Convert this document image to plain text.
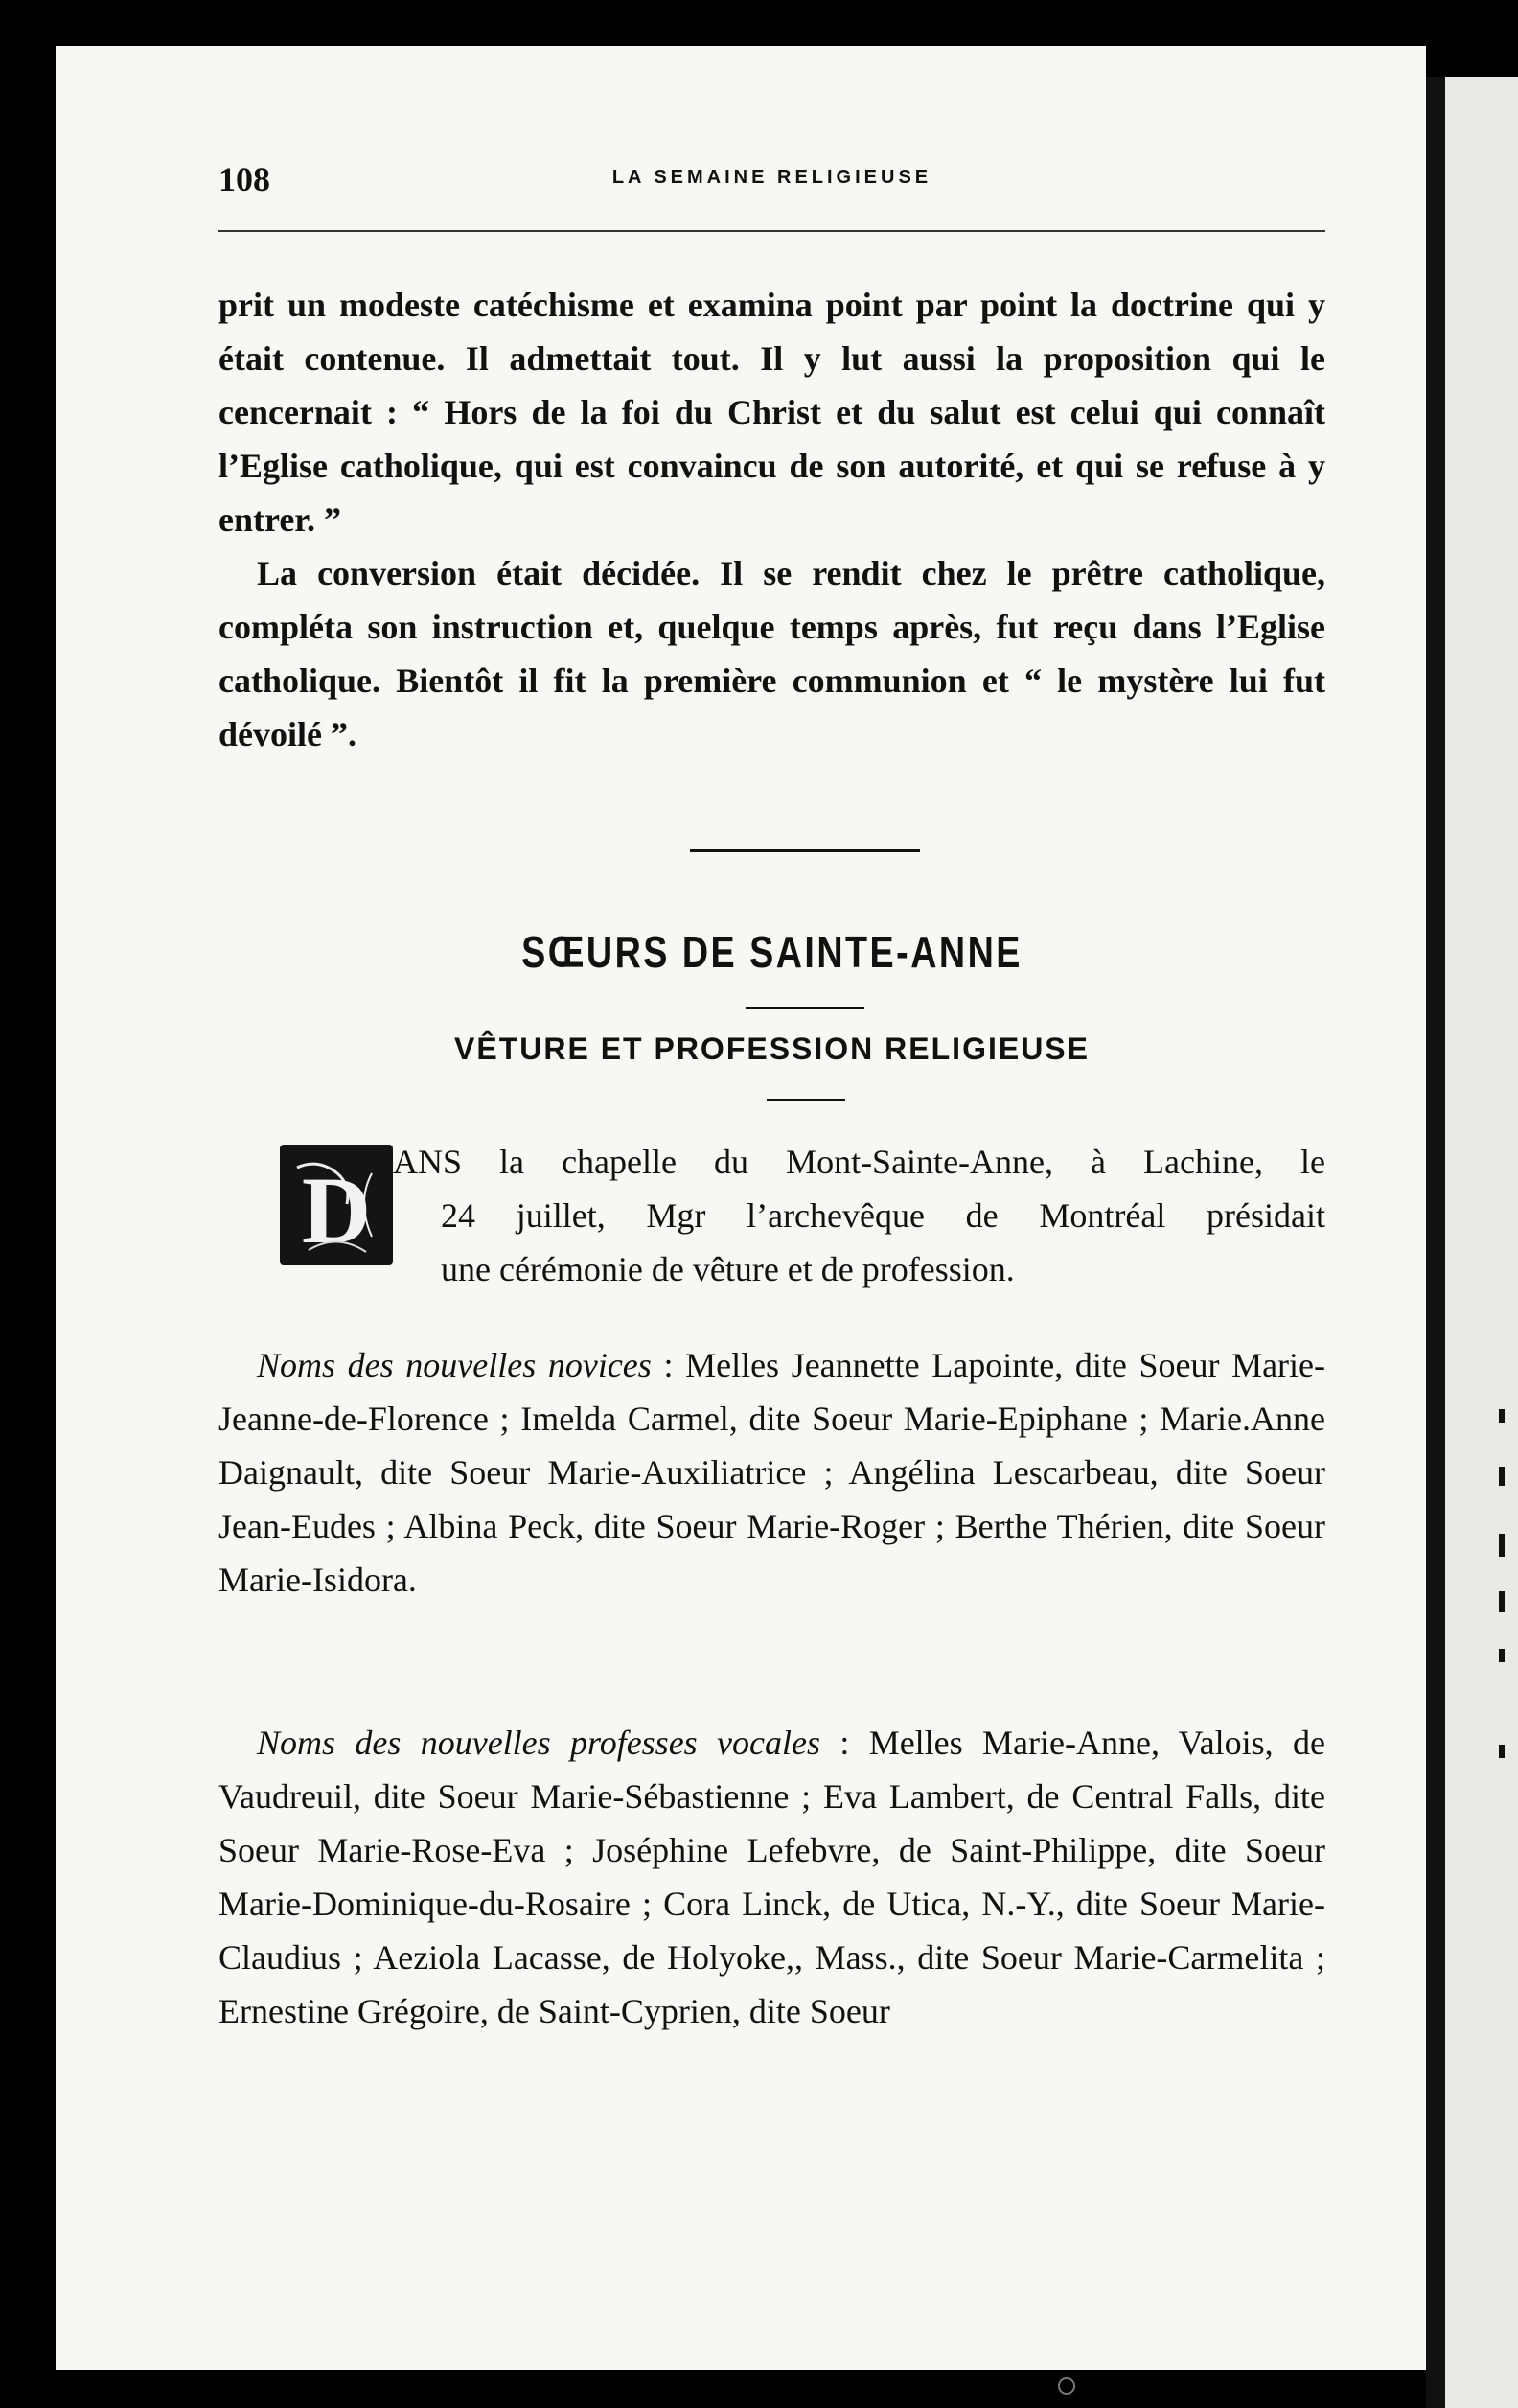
108	LA SEMAINE RELIGIEUSE

prit un modeste catéchisme et examina point par point la doctrine qui y était contenue. Il admettait tout. Il y lut aussi la proposition qui le cencernait : “ Hors de la foi du Christ et du salut est celui qui connaît l’Eglise catholique, qui est convaincu de son autorité, et qui se refuse à y entrer. ”

La conversion était décidée. Il se rendit chez le prêtre catholique, compléta son instruction et, quelque temps après, fut reçu dans l’Eglise catholique. Bientôt il fit la première communion et “ le mystère lui fut dévoilé ”.

SŒURS DE SAINTE-ANNE
VÊTURE ET PROFESSION RELIGIEUSE
D ANS la chapelle du Mont-Sainte-Anne, à Lachine, le
24 juillet, Mgr l’archevêque de Montréal présidait
une cérémonie de vêture et de profession.

Noms des nouvelles novices : Melles Jeannette Lapointe, dite Soeur Marie-Jeanne-de-Florence ; Imelda Carmel, dite Soeur Marie-Epiphane ; Marie.Anne Daignault, dite Soeur Marie-Auxiliatrice ; Angélina Lescarbeau, dite Soeur Jean-Eudes ; Albina Peck, dite Soeur Marie-Roger ; Berthe Thérien, dite Soeur Marie-Isidora.

Noms des nouvelles professes vocales : Melles Marie-Anne, Valois, de Vaudreuil, dite Soeur Marie-Sébastienne ; Eva Lambert, de Central Falls, dite Soeur Marie-Rose-Eva ; Joséphine Lefebvre, de Saint-Philippe, dite Soeur Marie-Dominique-du-Rosaire ; Cora Linck, de Utica, N.-Y., dite Soeur Marie-Claudius ; Aeziola Lacasse, de Holyoke,, Mass., dite Soeur Marie-Carmelita ; Ernestine Grégoire, de Saint-Cyprien, dite Soeur
